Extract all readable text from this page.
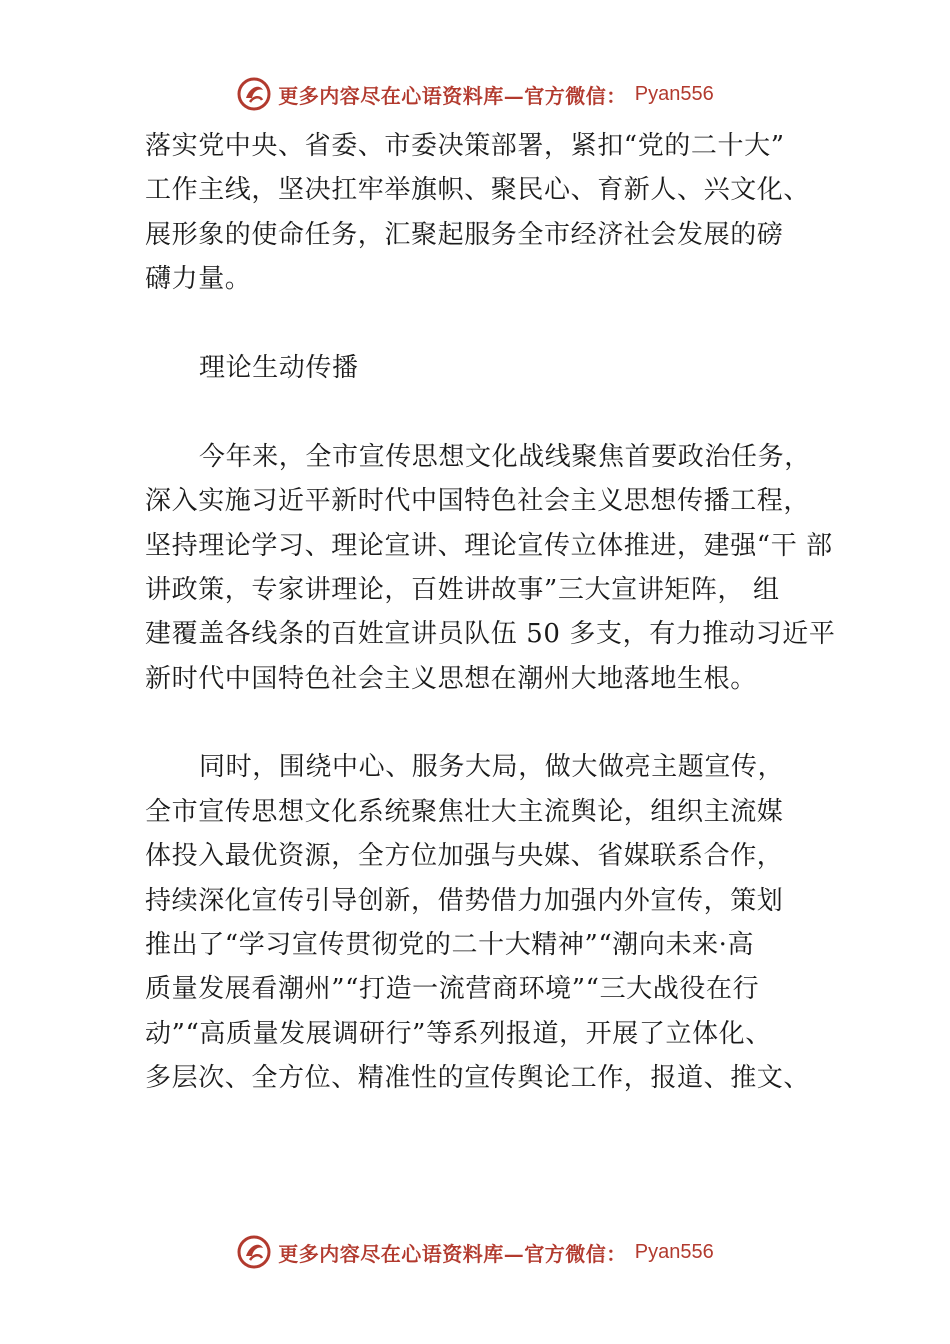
更多内容尽在心语资料库—官方微信： Pyan556
落实党中央、省委、市委决策部署，紧扣“党的二十大”
工作主线，坚决扛牢举旗帜、聚民心、育新人、兴文化、
展形象的使命任务，汇聚起服务全市经济社会发展的磅
礴力量。
理论生动传播
今年来，全市宣传思想文化战线聚焦首要政治任务，
深入实施习近平新时代中国特色社会主义思想传播工程，
坚持理论学习、理论宣讲、理论宣传立体推进，建强“干 部
讲政策，专家讲理论，百姓讲故事”三大宣讲矩阵， 组
建覆盖各线条的百姓宣讲员队伍 50 多支，有力推动习近平
新时代中国特色社会主义思想在潮州大地落地生根。
同时，围绕中心、服务大局，做大做亮主题宣传，
全市宣传思想文化系统聚焦壮大主流舆论，组织主流媒
体投入最优资源，全方位加强与央媒、省媒联系合作，
持续深化宣传引导创新，借势借力加强内外宣传，策划
推出了“学习宣传贯彻党的二十大精神”“潮向未来·高
质量发展看潮州”“打造一流营商环境”“三大战役在行
动”“高质量发展调研行”等系列报道，开展了立体化、
多层次、全方位、精准性的宣传舆论工作，报道、推文、
更多内容尽在心语资料库—官方微信： Pyan556
